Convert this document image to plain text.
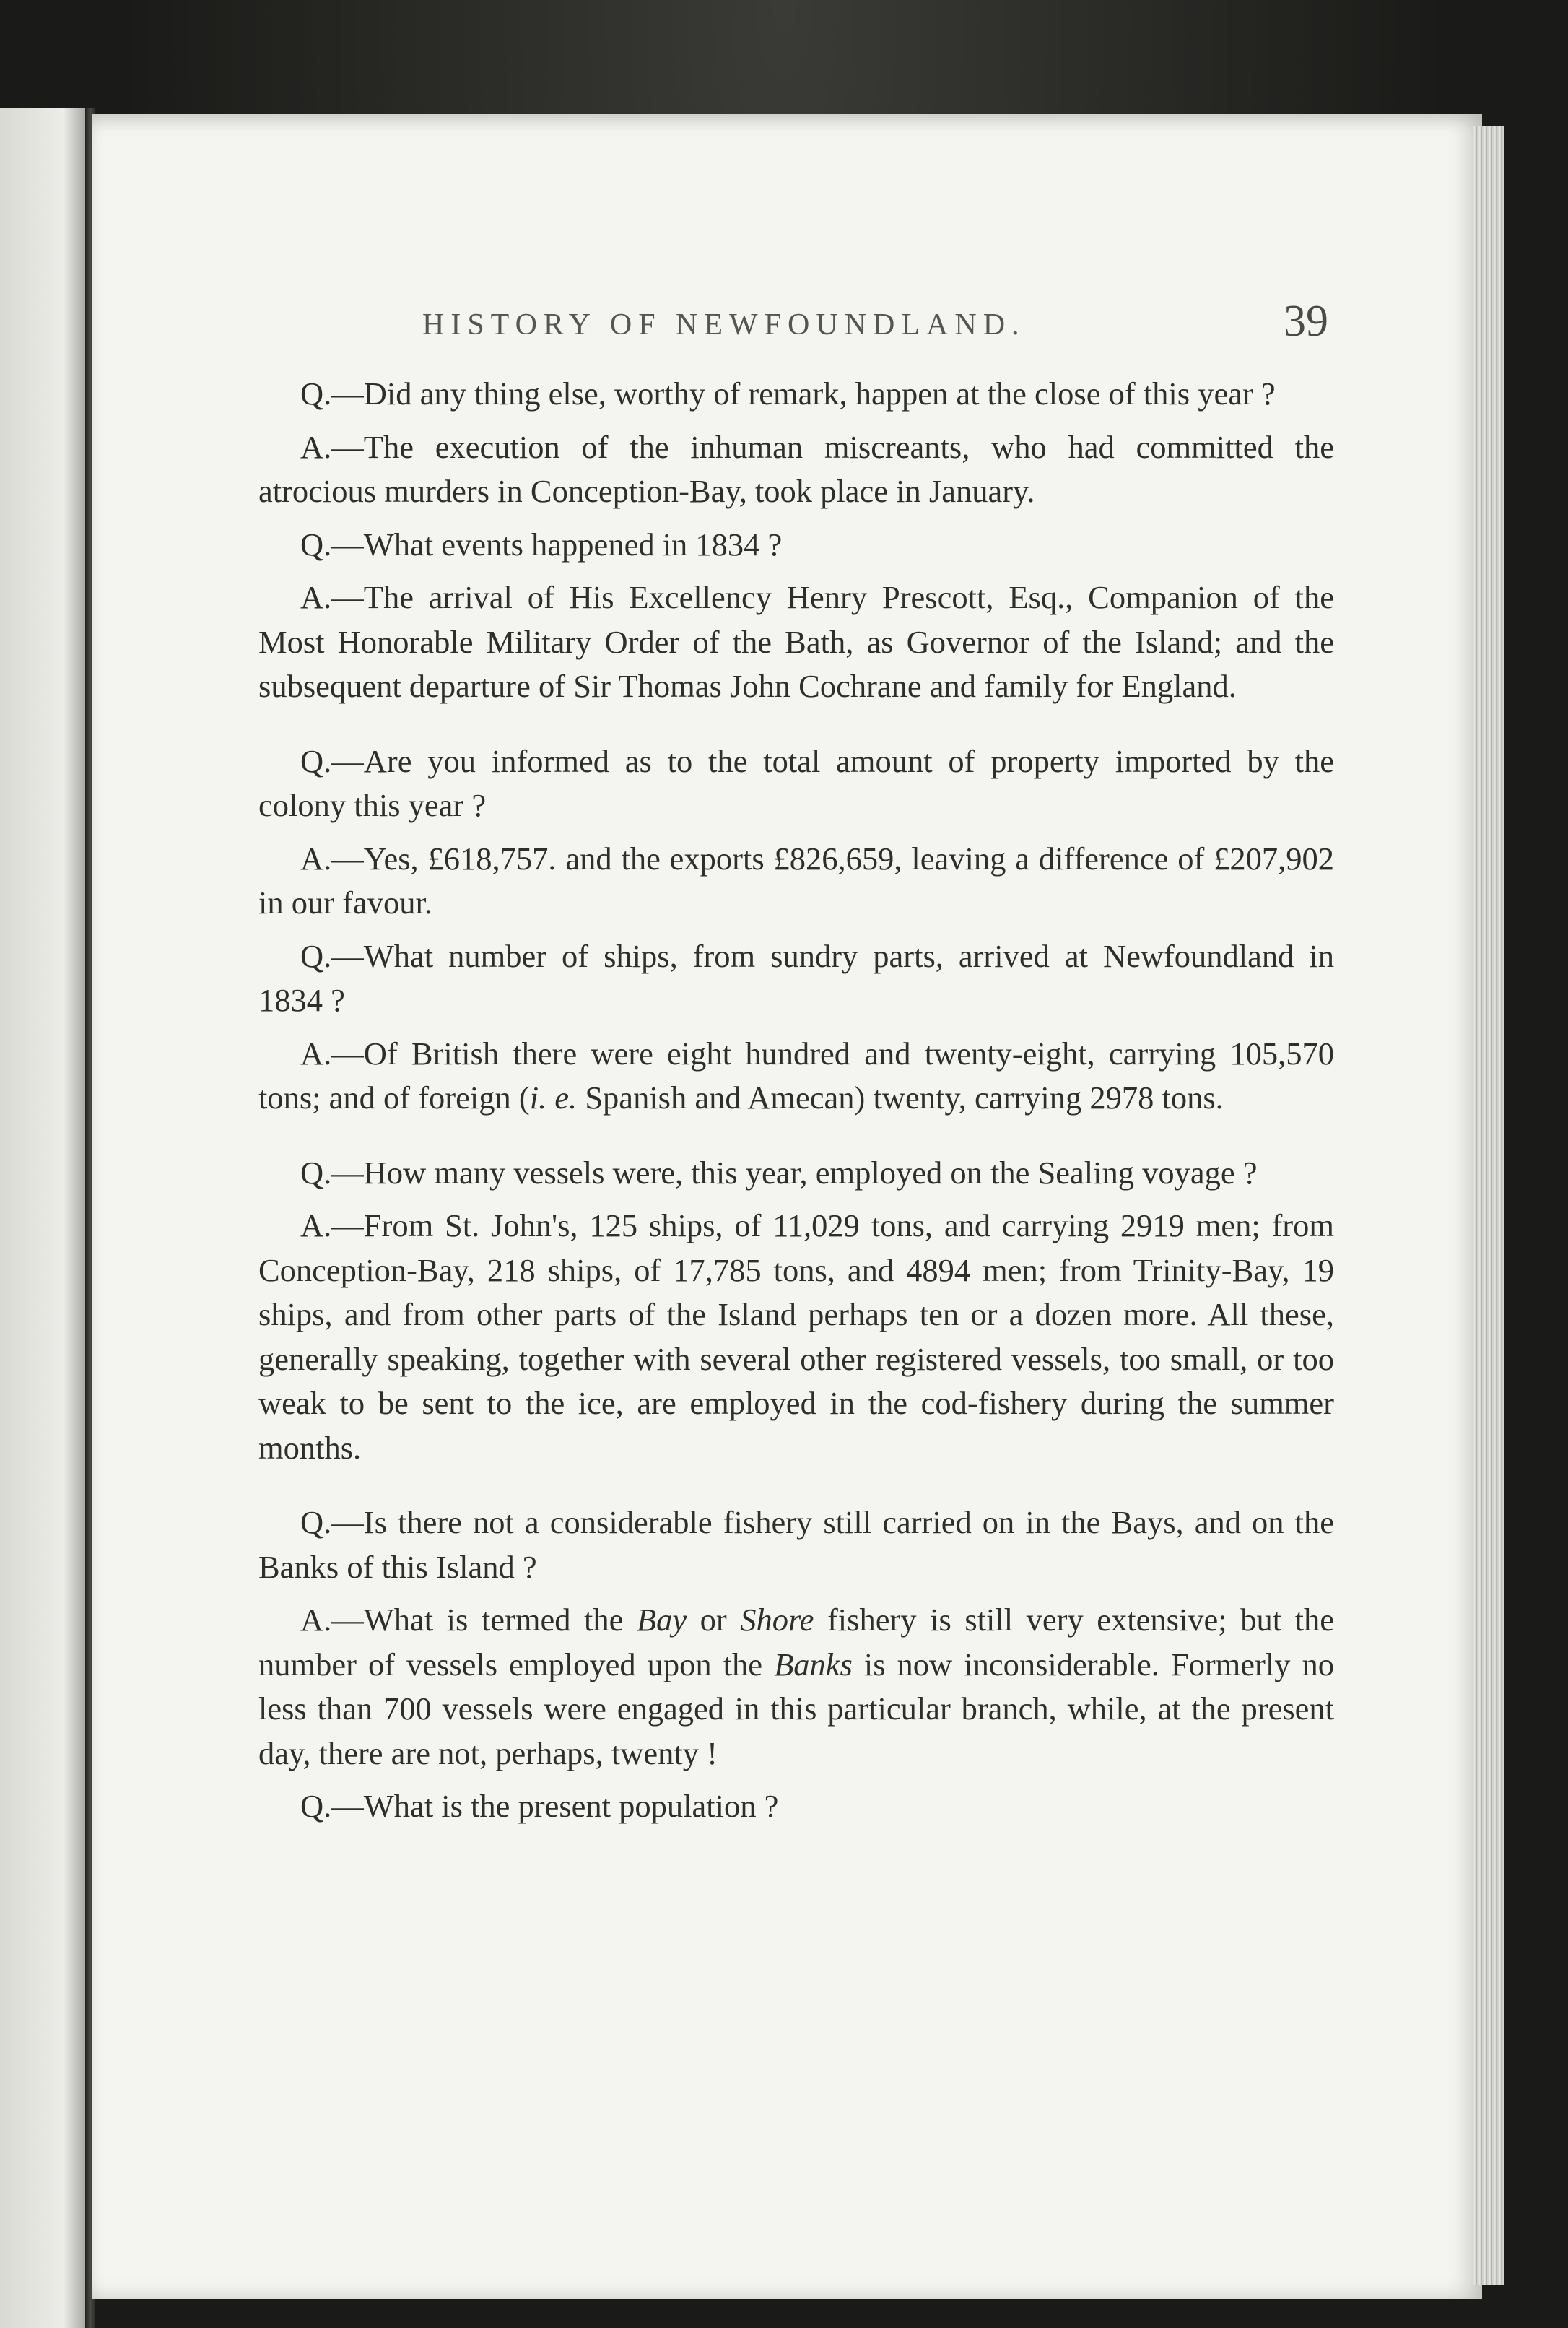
HISTORY OF NEWFOUNDLAND.	39

Q.—Did any thing else, worthy of remark, happen at the close of this year ?

A.—The execution of the inhuman miscreants, who had committed the atrocious murders in Conception-Bay, took place in January.

Q.—What events happened in 1834 ?

A.—The arrival of His Excellency Henry Prescott, Esq., Companion of the Most Honorable Military Order of the Bath, as Governor of the Island; and the subsequent departure of Sir Thomas John Cochrane and family for England.

Q.—Are you informed as to the total amount of property imported by the colony this year ?

A.—Yes, £618,757. and the exports £826,659, leaving a difference of £207,902 in our favour.

Q.—What number of ships, from sundry parts, arrived at Newfoundland in 1834 ?

A.—Of British there were eight hundred and twenty-eight, carrying 105,570 tons; and of foreign (i. e. Spanish and Amecan) twenty, carrying 2978 tons.

Q.—How many vessels were, this year, employed on the Sealing voyage ?

A.—From St. John's, 125 ships, of 11,029 tons, and carrying 2919 men; from Conception-Bay, 218 ships, of 17,785 tons, and 4894 men; from Trinity-Bay, 19 ships, and from other parts of the Island perhaps ten or a dozen more. All these, generally speaking, together with several other registered vessels, too small, or too weak to be sent to the ice, are employed in the cod-fishery during the summer months.

Q.—Is there not a considerable fishery still carried on in the Bays, and on the Banks of this Island ?

A.—What is termed the Bay or Shore fishery is still very extensive; but the number of vessels employed upon the Banks is now inconsiderable. Formerly no less than 700 vessels were engaged in this particular branch, while, at the present day, there are not, perhaps, twenty !

Q.—What is the present population ?
